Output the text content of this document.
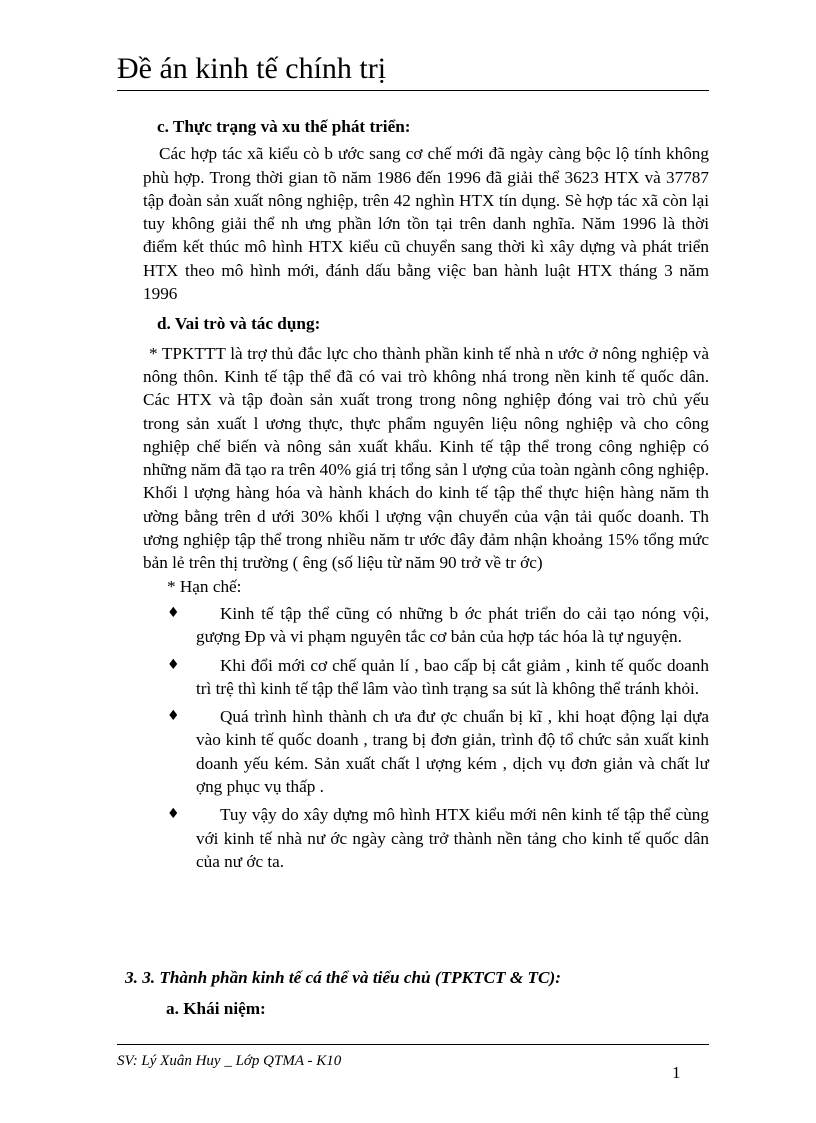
Đề án kinh tế chính trị

c. Thực trạng và xu thế phát triển:

Các hợp tác xã kiểu cò b ước sang cơ chế mới đã ngày càng bộc lộ tính không phù hợp. Trong thời gian tõ năm 1986 đến 1996 đã giải thể 3623 HTX và 37787 tập đoàn sản xuất nông nghiệp, trên 42 nghìn HTX tín dụng. Sè hợp tác xã còn lại tuy không giải thể nh ưng phần lớn tồn tại trên danh nghĩa. Năm 1996 là thời điểm kết thúc mô hình HTX kiểu cũ chuyển sang thời kì xây dựng và phát triển HTX theo mô hình mới, đánh dấu bằng việc ban hành luật HTX tháng 3 năm 1996

d. Vai trò và tác dụng:

* TPKTTT là trợ thủ đắc lực cho thành phần kinh tế nhà n ước ở nông nghiệp và nông thôn. Kinh tế tập thể đã có vai trò không nhá trong nền kinh tế quốc dân. Các HTX và tập đoàn sản xuất trong trong nông nghiệp đóng vai trò chủ yếu trong sản xuất l ương thực, thực phẩm nguyên liệu nông nghiệp và cho công nghiệp chế biến và nông sản xuất khẩu. Kinh tế tập thể trong công nghiệp có những năm đã tạo ra trên 40% giá trị tổng sản l ượng của toàn ngành công nghiệp. Khối l ượng hàng hóa và hành khách do kinh tế tập thể thực hiện hàng năm th ường bằng trên d ưới 30% khối l ượng vận chuyển của vận tải quốc doanh. Th ương nghiệp tập thể trong nhiều năm tr ước đây đảm nhận khoảng 15% tổng mức bản lẻ trên thị trường ( êng (số liệu từ năm 90 trở về tr ớc)

* Hạn chế:

♦	Kinh tế tập thể cũng có những b ớc phát triển do cải tạo nóng vội, gượng Đp và vi phạm nguyên tắc cơ bản của hợp tác hóa là tự nguyện.
♦	Khi đổi mới cơ chế quản lí , bao cấp bị cắt giảm , kinh tế quốc doanh trì trệ thì kinh tế tập thể lâm vào tình trạng sa sút là không thể tránh khỏi.
♦	Quá trình hình thành ch ưa đư ợc chuẩn bị kĩ , khi hoạt động lại dựa vào kinh tế quốc doanh , trang bị đơn giản, trình độ tổ chức sản xuất kinh doanh yếu kém. Sản xuất chất l ượng kém , dịch vụ đơn giản và chất lư ợng phục vụ thấp .
♦	Tuy vậy do xây dựng mô hình HTX kiểu mới nên kinh tế tập thể cùng với kinh tế nhà nư ớc ngày càng trở thành nền tảng cho kinh tế quốc dân của nư ớc ta.
3. 3. Thành phần kinh tế cá thể và tiểu chủ (TPKTCT & TC):
a. Khái niệm:
SV: Lý Xuân Huy _ Lớp QTMA - K10
1
